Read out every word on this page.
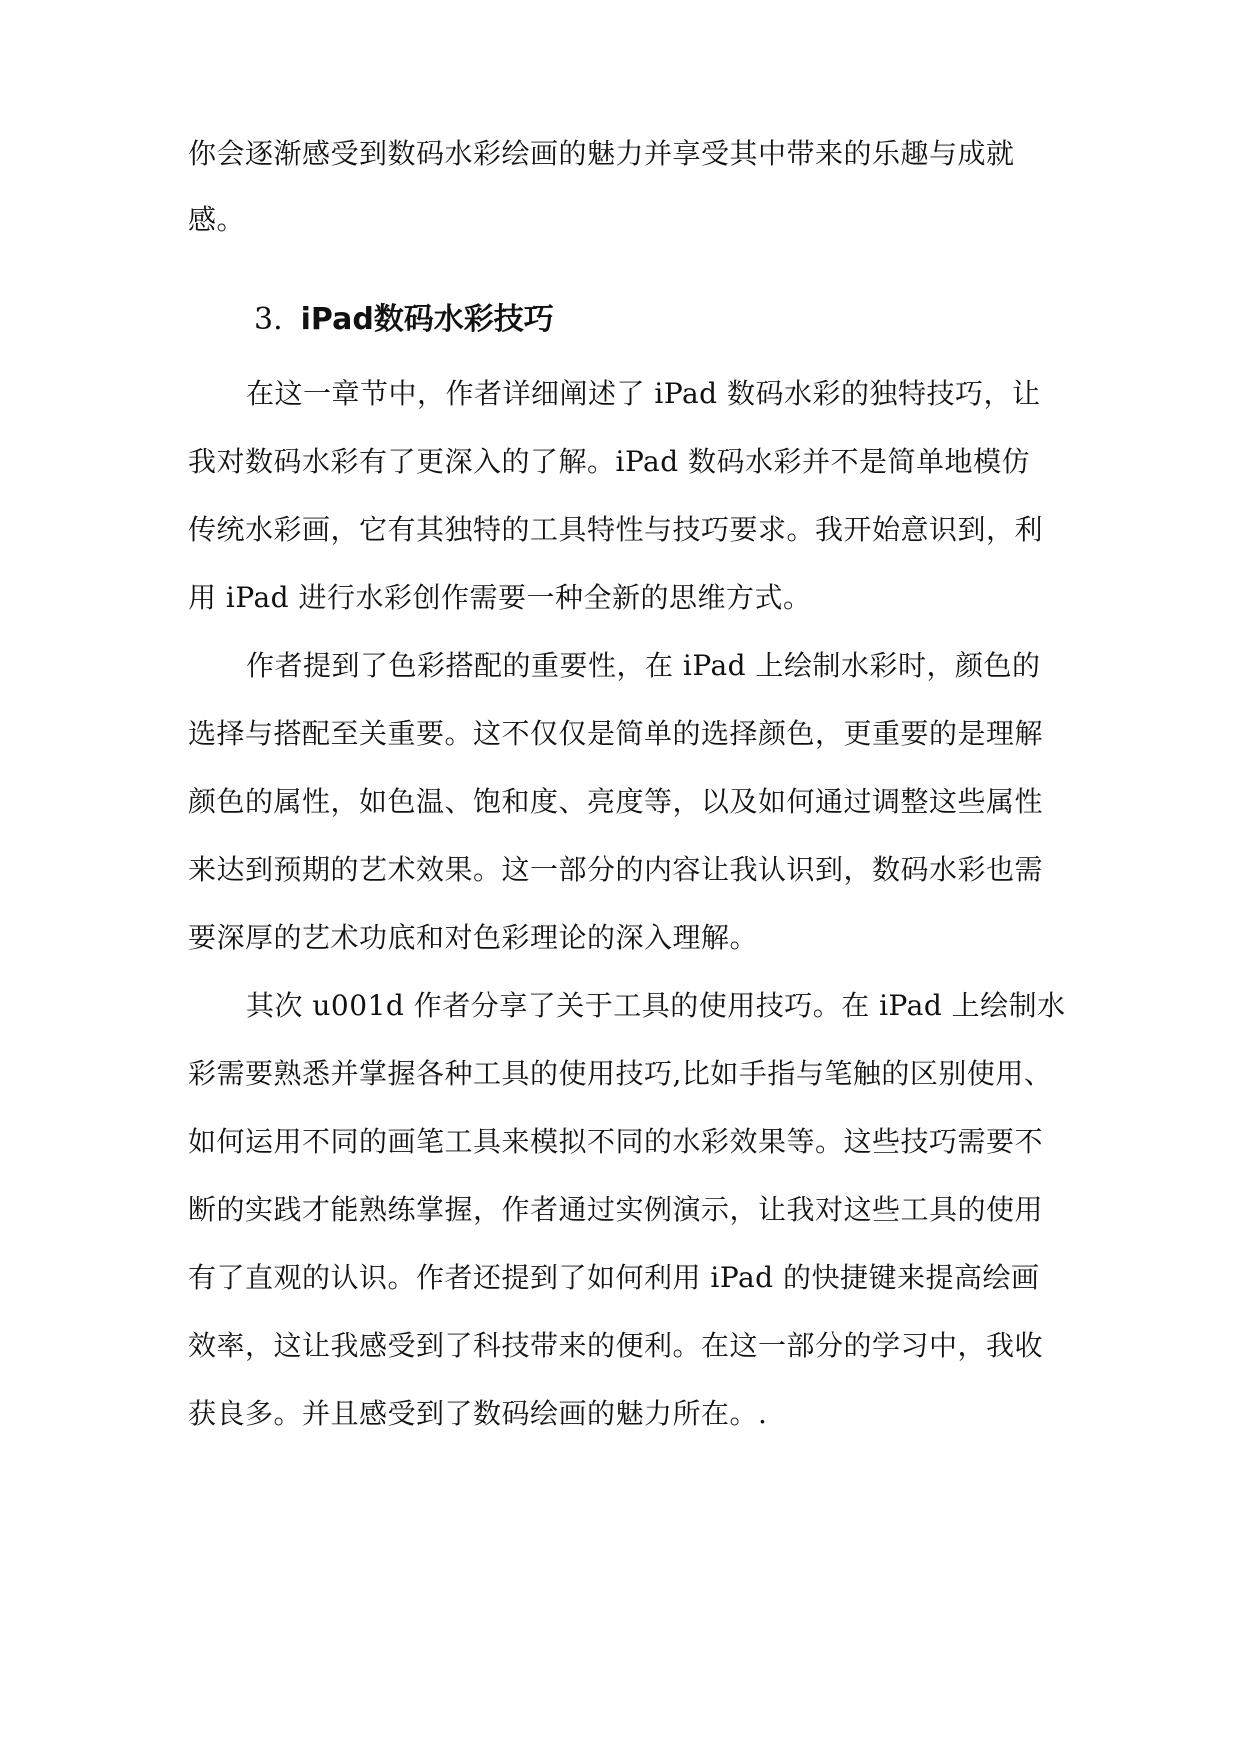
你会逐渐感受到数码水彩绘画的魅力并享受其中带来的乐趣与成就
感。
3. iPad数码水彩技巧
在这一章节中，作者详细阐述了 iPad 数码水彩的独特技巧，让
我对数码水彩有了更深入的了解。iPad 数码水彩并不是简单地模仿
传统水彩画，它有其独特的工具特性与技巧要求。我开始意识到，利
用 iPad 进行水彩创作需要一种全新的思维方式。
作者提到了色彩搭配的重要性，在 iPad 上绘制水彩时，颜色的
选择与搭配至关重要。这不仅仅是简单的选择颜色，更重要的是理解
颜色的属性，如色温、饱和度、亮度等，以及如何通过调整这些属性
来达到预期的艺术效果。这一部分的内容让我认识到，数码水彩也需
要深厚的艺术功底和对色彩理论的深入理解。
其次 u001d 作者分享了关于工具的使用技巧。在 iPad 上绘制水
彩需要熟悉并掌握各种工具的使用技巧,比如手指与笔触的区别使用、
如何运用不同的画笔工具来模拟不同的水彩效果等。这些技巧需要不
断的实践才能熟练掌握，作者通过实例演示，让我对这些工具的使用
有了直观的认识。作者还提到了如何利用 iPad 的快捷键来提高绘画
效率，这让我感受到了科技带来的便利。在这一部分的学习中，我收
获良多。并且感受到了数码绘画的魅力所在。.
